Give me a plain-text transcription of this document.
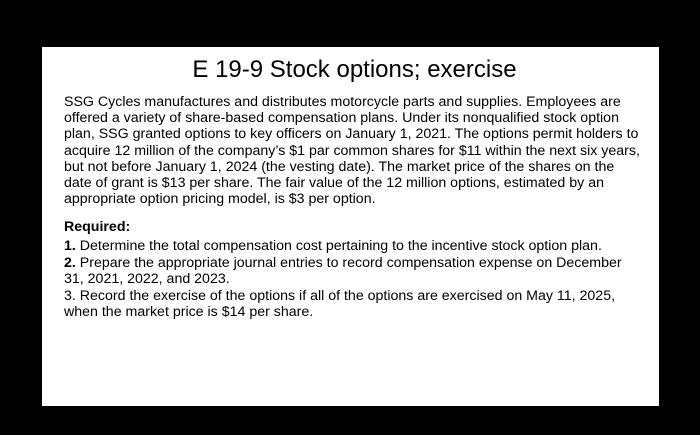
E 19-9 Stock options; exercise

SSG Cycles manufactures and distributes motorcycle parts and supplies. Employees are offered a variety of share-based compensation plans. Under its nonqualified stock option plan, SSG granted options to key officers on January 1, 2021. The options permit holders to acquire 12 million of the company’s $1 par common shares for $11 within the next six years, but not before January 1, 2024 (the vesting date). The market price of the shares on the date of grant is $13 per share. The fair value of the 12 million options, estimated by an appropriate option pricing model, is $3 per option.

Required:
1. Determine the total compensation cost pertaining to the incentive stock option plan.
2. Prepare the appropriate journal entries to record compensation expense on December 31, 2021, 2022, and 2023.
3. Record the exercise of the options if all of the options are exercised on May 11, 2025, when the market price is $14 per share.
